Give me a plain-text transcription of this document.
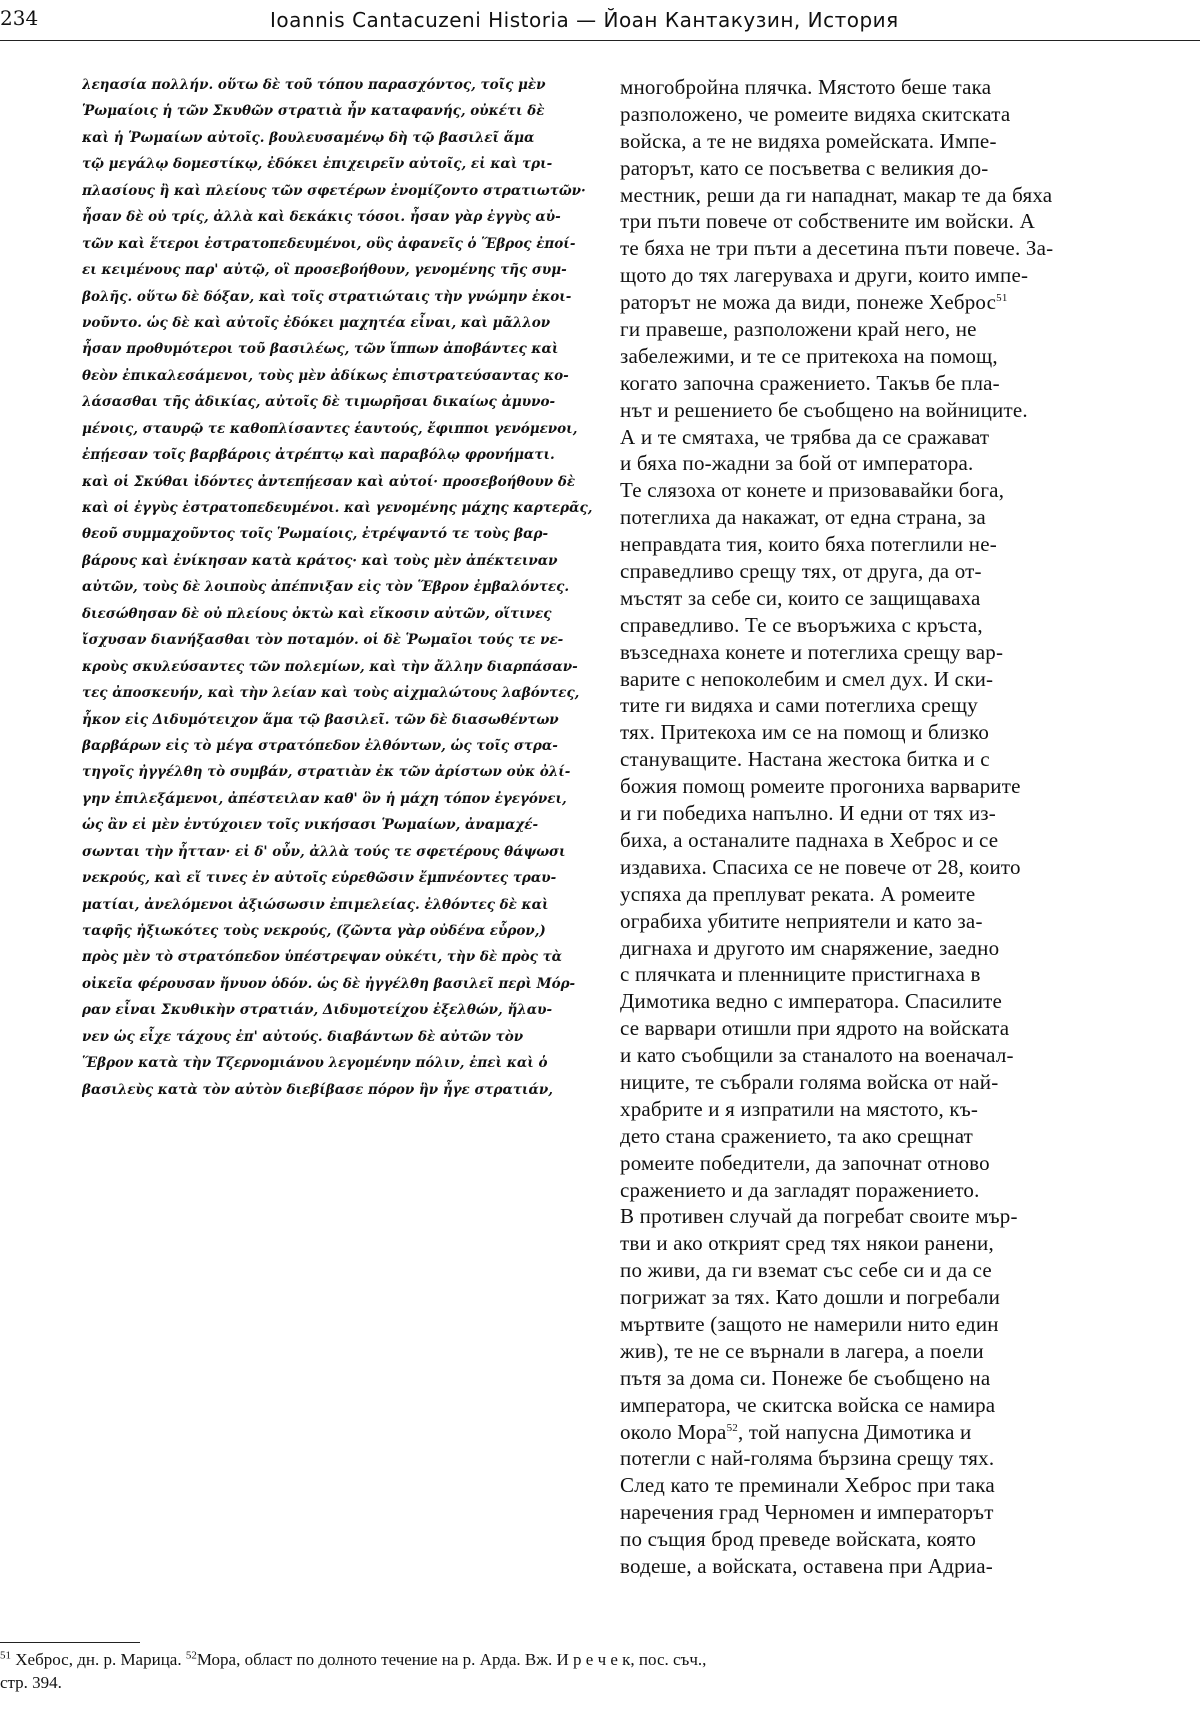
234	Ioannis Cantacuzeni Historia — Йоан Кантакузин, История
λεηασία πολλήν. οὕτω δὲ τοῦ τόπου παρασχόντος, τοῖς μὲν
Ῥωμαίοις ἡ τῶν Σκυθῶν στρατιὰ ἦν καταφανής, οὐκέτι δὲ
καὶ ἡ Ῥωμαίων αὐτοῖς. βουλευσαμένῳ δὴ τῷ βασιλεῖ ἅμα
τῷ μεγάλῳ δομεστίκῳ, ἐδόκει ἐπιχειρεῖν αὐτοῖς, εἰ καὶ τρι-
πλασίους ἢ καὶ πλείους τῶν σφετέρων ἐνομίζοντο στρατιωτῶν·
ἦσαν δὲ οὐ τρίς, ἀλλὰ καὶ δεκάκις τόσοι. ἦσαν γὰρ ἐγγὺς αὐ-
τῶν καὶ ἕτεροι ἐστρατοπεδευμένοι, οὓς ἀφανεῖς ὁ Ἕβρος ἐποί-
ει κειμένους παρ' αὐτῷ, οἳ προσεβοήθουν, γενομένης τῆς συμ-
βολῆς. οὕτω δὲ δόξαν, καὶ τοῖς στρατιώταις τὴν γνώμην ἐκοι-
νοῦντο. ὡς δὲ καὶ αὐτοῖς ἐδόκει μαχητέα εἶναι, καὶ μᾶλλον
ἦσαν προθυμότεροι τοῦ βασιλέως, τῶν ἵππων ἀποβάντες καὶ
θεὸν ἐπικαλεσάμενοι, τοὺς μὲν ἀδίκως ἐπιστρατεύσαντας κο-
λάσασθαι τῆς ἀδικίας, αὐτοῖς δὲ τιμωρῆσαι δικαίως ἀμυνο-
μένοις, σταυρῷ τε καθοπλίσαντες ἑαυτούς, ἔφιπποι γενόμενοι,
ἐπῄεσαν τοῖς βαρβάροις ἀτρέπτῳ καὶ παραβόλῳ φρονήματι.
καὶ οἱ Σκύθαι ἰδόντες ἀντεπῄεσαν καὶ αὐτοί· προσεβοήθουν δὲ
καὶ οἱ ἐγγὺς ἐστρατοπεδευμένοι. καὶ γενομένης μάχης καρτερᾶς,
θεοῦ συμμαχοῦντος τοῖς Ῥωμαίοις, ἐτρέψαντό τε τοὺς βαρ-
βάρους καὶ ἐνίκησαν κατὰ κράτος· καὶ τοὺς μὲν ἀπέκτειναν
αὐτῶν, τοὺς δὲ λοιποὺς ἀπέπνιξαν εἰς τὸν Ἕβρον ἐμβαλόντες.
διεσώθησαν δὲ οὐ πλείους ὀκτὼ καὶ εἴκοσιν αὐτῶν, οἵτινες
ἴσχυσαν διανήξασθαι τὸν ποταμόν. οἱ δὲ Ῥωμαῖοι τούς τε νε-
κροὺς σκυλεύσαντες τῶν πολεμίων, καὶ τὴν ἄλλην διαρπάσαν-
τες ἀποσκευήν, καὶ τὴν λείαν καὶ τοὺς αἰχμαλώτους λαβόντες,
ἧκον εἰς Διδυμότειχον ἅμα τῷ βασιλεῖ. τῶν δὲ διασωθέντων
βαρβάρων εἰς τὸ μέγα στρατόπεδον ἐλθόντων, ὡς τοῖς στρα-
τηγοῖς ἠγγέλθη τὸ συμβάν, στρατιὰν ἐκ τῶν ἀρίστων οὐκ ὀλί-
γην ἐπιλεξάμενοι, ἀπέστειλαν καθ' ὃν ἡ μάχη τόπον ἐγεγόνει,
ὡς ἂν εἰ μὲν ἐντύχοιεν τοῖς νικήσασι Ῥωμαίων, ἀναμαχέ-
σωνται τὴν ἧτταν· εἰ δ' οὖν, ἀλλὰ τούς τε σφετέρους θάψωσι
νεκρούς, καὶ εἴ τινες ἐν αὐτοῖς εὑρεθῶσιν ἔμπνέοντες τραυ-
ματίαι, ἀνελόμενοι ἀξιώσωσιν ἐπιμελείας. ἐλθόντες δὲ καὶ
ταφῆς ἠξιωκότες τοὺς νεκρούς, (ζῶντα γὰρ οὐδένα εὗρον,)
πρὸς μὲν τὸ στρατόπεδον ὑπέστρεψαν οὐκέτι, τὴν δὲ πρὸς τὰ
οἰκεῖα φέρουσαν ἤνυον ὁδόν. ὡς δὲ ἠγγέλθη βασιλεῖ περὶ Μόρ-
ραν εἶναι Σκυθικὴν στρατιάν, Διδυμοτείχου ἐξελθών, ἤλαυ-
νεν ὡς εἶχε τάχους ἐπ' αὐτούς. διαβάντων δὲ αὐτῶν τὸν
Ἕβρον κατὰ τὴν Τζερνομιάνου λεγομένην πόλιν, ἐπεὶ καὶ ὁ
βασιλεὺς κατὰ τὸν αὐτὸν διεβίβασε πόρον ἣν ἦγε στρατιάν,
многобройна плячка. Мястото беше така
разположено, че ромеите видяха скитската
войска, а те не видяха ромейската. Импе-
раторът, като се посъветва с великия до-
местник, реши да ги нападнат, макар те да бяха
три пъти повече от собствените им войски. А
те бяха не три пъти а десетина пъти повече. За-
щото до тях лагеруваха и други, които импе-
раторът не можа да види, понеже Хеброс$^{51}$
ги правеше, разположени край него, не
забележими, и те се притекоха на помощ,
когато започна сражението. Такъв бе пла-
нът и решението бе съобщено на войниците.
А и те смятаха, че трябва да се сражават
и бяха по-жадни за бой от императора.
Те слязоха от конете и призовавайки бога,
потеглиха да накажат, от една страна, за
неправдата тия, които бяха потеглили не-
справедливо срещу тях, от друга, да от-
мъстят за себе си, които се защищаваха
справедливо. Те се въоръжиха с кръста,
възседнаха конете и потеглиха срещу вар-
варите с непоколебим и смел дух. И ски-
тите ги видяха и сами потеглиха срещу
тях. Притекоха им се на помощ и близко
стануващите. Настана жестока битка и с
божия помощ ромеите прогониха варварите
и ги победиха напълно. И едни от тях из-
биха, а останалите паднаха в Хеброс и се
издавиха. Спасиха се не повече от 28, които
успяха да преплуват реката. А ромеите
ограбиха убитите неприятели и като за-
дигнаха и другото им снаряжение, заедно
с плячката и пленниците пристигнаха в
Димотика ведно с императора. Спасилите
се варвари отишли при ядрото на войската
и като съобщили за станалото на военачал-
ниците, те събрали голяма войска от най-
храбрите и я изпратили на мястото, къ-
дето стана сражението, та ако срещнат
ромеите победители, да започнат отново
сражението и да загладят поражението.
В противен случай да погребат своите мър-
тви и ако открият сред тях някои ранени,
по живи, да ги вземат със себе си и да се
погрижат за тях. Като дошли и погребали
мъртвите (защото не намерили нито един
жив), те не се върнали в лагера, а поели
пътя за дома си. Понеже бе съобщено на
императора, че скитска войска се намира
около Мора$^{52}$, той напусна Димотика и
потегли с най-голяма бързина срещу тях.
След като те преминали Хеброс при така
наречения град Черномен и императорът
по същия брод преведе войската, която
водеше, а войската, оставена при Адриа-
$^{51}$ Хеброс, дн. р. Марица. $^{52}$Мора, област по долното течение на р. Арда. Вж. И р е ч е к, пос. съч.,
стр. 394.
